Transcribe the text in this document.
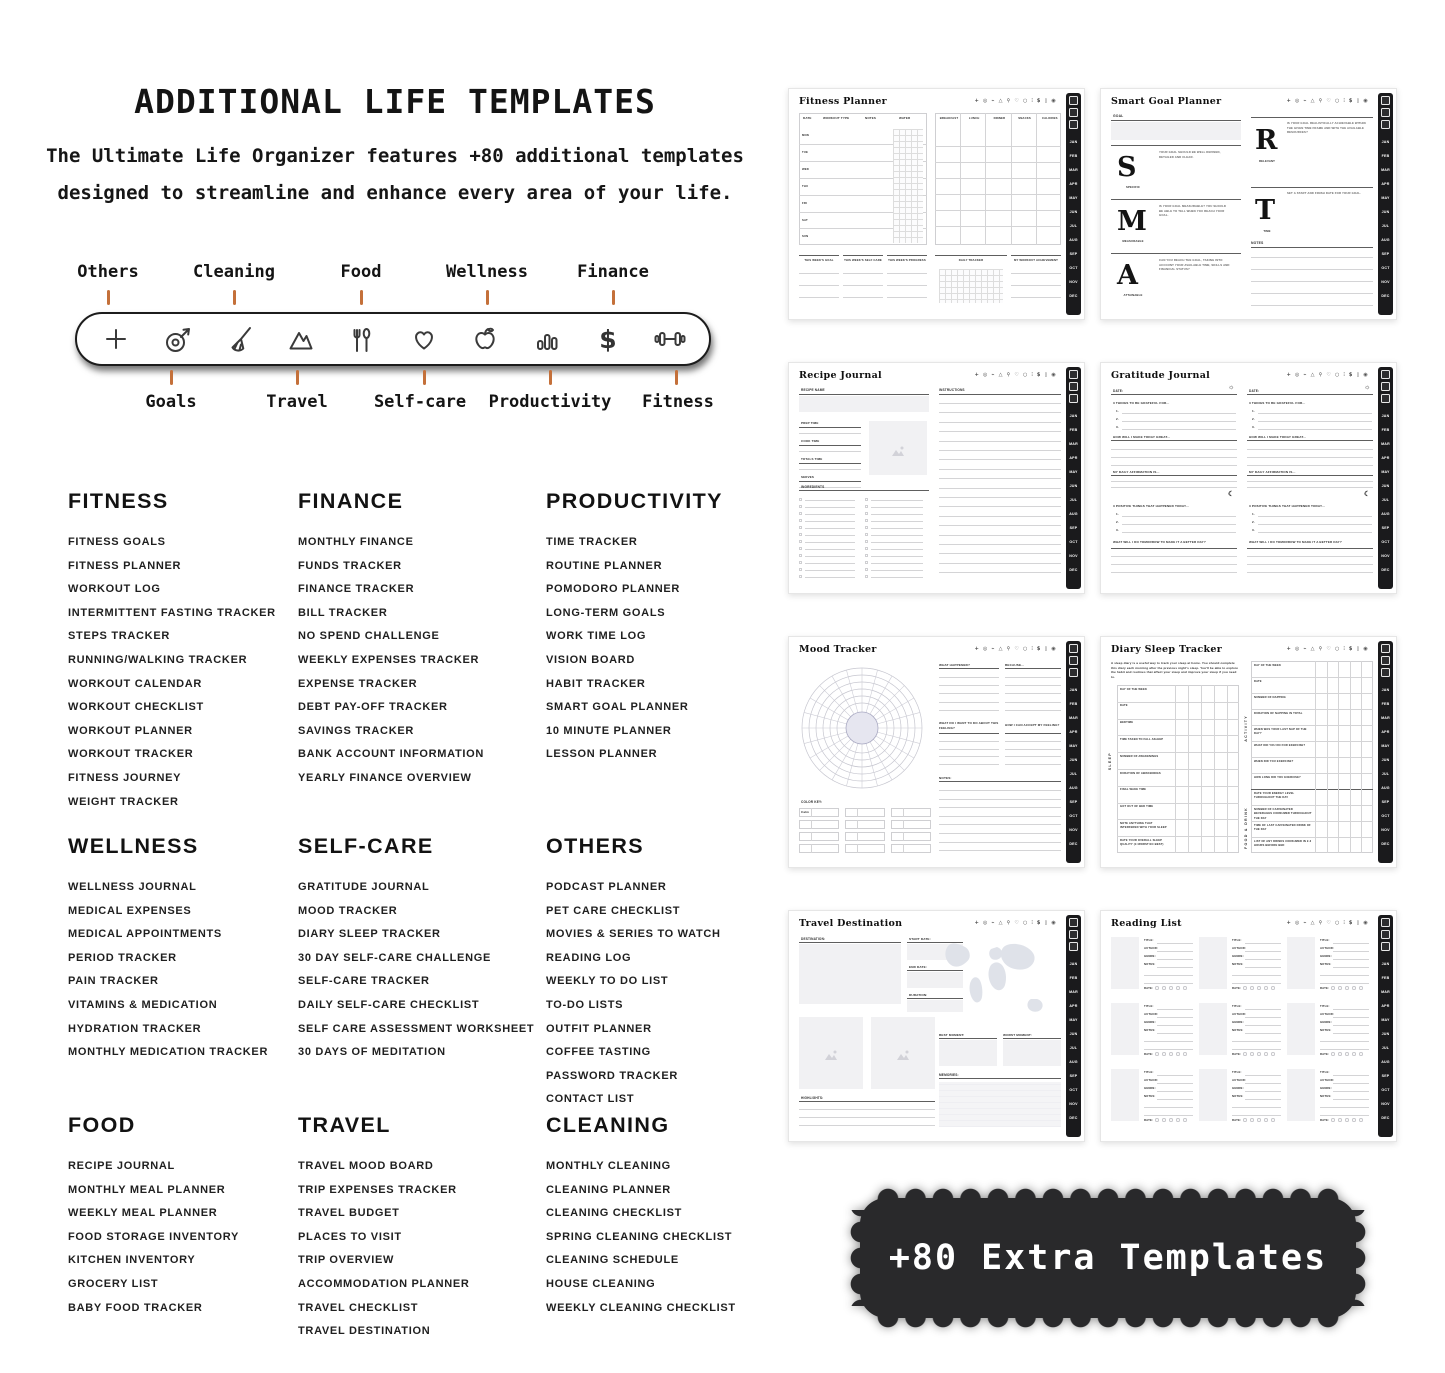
ADDITIONAL LIFE TEMPLATES
The Ultimate Life Organizer features +80 additional templates
designed to streamline and enhance every area of your life.
Others	Cleaning	Food	Wellness	Finance
$
Goals	Travel	Self-care	Productivity	Fitness
FITNESS
FITNESS GOALS
FITNESS PLANNER
WORKOUT LOG
INTERMITTENT FASTING TRACKER
STEPS TRACKER
RUNNING/WALKING TRACKER
WORKOUT CALENDAR
WORKOUT CHECKLIST
WORKOUT PLANNER
WORKOUT TRACKER
FITNESS JOURNEY
WEIGHT TRACKER
FINANCE
MONTHLY FINANCE
FUNDS TRACKER
FINANCE TRACKER
BILL TRACKER
NO SPEND CHALLENGE
WEEKLY EXPENSES TRACKER
EXPENSE TRACKER
DEBT PAY-OFF TRACKER
SAVINGS TRACKER
BANK ACCOUNT INFORMATION
YEARLY FINANCE OVERVIEW
PRODUCTIVITY
TIME TRACKER
ROUTINE PLANNER
POMODORO PLANNER
LONG-TERM GOALS
WORK TIME LOG
VISION BOARD
HABIT TRACKER
SMART GOAL PLANNER
10 MINUTE PLANNER
LESSON PLANNER
WELLNESS
WELLNESS JOURNAL
MEDICAL EXPENSES
MEDICAL APPOINTMENTS
PERIOD TRACKER
PAIN TRACKER
VITAMINS & MEDICATION
HYDRATION TRACKER
MONTHLY MEDICATION TRACKER
SELF-CARE
GRATITUDE JOURNAL
MOOD TRACKER
DIARY SLEEP TRACKER
30 DAY SELF-CARE CHALLENGE
SELF-CARE TRACKER
DAILY SELF-CARE CHECKLIST
SELF CARE ASSESSMENT WORKSHEET
30 DAYS OF MEDITATION
OTHERS
PODCAST PLANNER
PET CARE CHECKLIST
MOVIES & SERIES TO WATCH
READING LOG
WEEKLY TO DO LIST
TO-DO LISTS
OUTFIT PLANNER
COFFEE TASTING
PASSWORD TRACKER
CONTACT LIST
FOOD
RECIPE JOURNAL
MONTHLY MEAL PLANNER
WEEKLY MEAL PLANNER
FOOD STORAGE INVENTORY
KITCHEN INVENTORY
GROCERY LIST
BABY FOOD TRACKER
TRAVEL
TRAVEL MOOD BOARD
TRIP EXPENSES TRACKER
TRAVEL BUDGET
PLACES TO VISIT
TRIP OVERVIEW
ACCOMMODATION PLANNER
TRAVEL CHECKLIST
TRAVEL DESTINATION
CLEANING
MONTHLY CLEANING
CLEANING PLANNER
CLEANING CHECKLIST
SPRING CLEANING CHECKLIST
CLEANING SCHEDULE
HOUSE CLEANING
WEEKLY CLEANING CHECKLIST
DATE	WORKOUT TYPE	NOTES	WATER
MON
TUE
WED
THU
FRI
SAT
SUN
BREAKFAST	LUNCH	DINNER	SNACKS	CALORIES
THIS WEEK'S GOAL	THIS WEEK'S SELF CARE	THIS WEEK'S PROGRESS	DAILY TRACKER	MY WORKOUT ACHIEVEMENT
Fitness Planner	+ ◎ ⌁ △ ⚲ ♡ ○ ⫶ $ ▯ ◉
JAN
FEB
MAR
APR
MAY
JUN
JUL
AUG
SEP
OCT
NOV
DEC
GOAL
S
SPECIFIC
YOUR GOAL SHOULD BE WELL DEFINED, DETAILED AND CLEAR.
M
MEASURABLE
IS YOUR GOAL MEASURABLE? YOU SHOULD BE ABLE TO TELL WHEN YOU REACH YOUR GOAL.
A
ATTAINABLE
CAN YOU REACH THE GOAL, TAKING INTO ACCOUNT YOUR AVAILABLE TIME, SKILLS AND FINANCIAL STATUS?
R
RELEVANT
IS YOUR GOAL REALISTICALLY ACHIEVABLE WITHIN THE GIVEN TIME FRAME AND WITH THE AVAILABLE RESOURCES?
T
TIME
SET A START AND FINISH DATE FOR YOUR GOAL.
NOTES
Smart Goal Planner	+ ◎ ⌁ △ ⚲ ♡ ○ ⫶ $ ▯ ◉
JAN
FEB
MAR
APR
MAY
JUN
JUL
AUG
SEP
OCT
NOV
DEC
RECIPE NAME
PREP TIME
COOK TIME
TOTALS TIME
SERVES
INGREDIENTS
INSTRUCTIONS
Recipe Journal	+ ◎ ⌁ △ ⚲ ♡ ○ ⫶ $ ▯ ◉
JAN
FEB
MAR
APR
MAY
JUN
JUL
AUG
SEP
OCT
NOV
DEC
DATE:	☼
3 THINGS TO BE GRATEFUL FOR...
1.
2.
3.
HOW WILL I MAKE TODAY GREAT...
MY DAILY AFFIRMATION IS...
☾
3 POSITIVE THINGS THAT HAPPENED TODAY...
1.
2.
3.
WHAT WILL I DO TOMORROW TO MAKE IT A BETTER DAY?
DATE:	☼
3 THINGS TO BE GRATEFUL FOR...
1.
2.
3.
HOW WILL I MAKE TODAY GREAT...
MY DAILY AFFIRMATION IS...
☾
3 POSITIVE THINGS THAT HAPPENED TODAY...
1.
2.
3.
WHAT WILL I DO TOMORROW TO MAKE IT A BETTER DAY?
Gratitude Journal	+ ◎ ⌁ △ ⚲ ♡ ○ ⫶ $ ▯ ◉
JAN
FEB
MAR
APR
MAY
JUN
JUL
AUG
SEP
OCT
NOV
DEC
COLOR KEY:
Calm
WHAT HAPPENED?	BECAUSE...
WHAT DO I WANT TO DO ABOUT THIS FEELING?
HOW I CAN ACCEPT MY FEELING?
NOTES:
Mood Tracker	+ ◎ ⌁ △ ⚲ ♡ ○ ⫶ $ ▯ ◉
JAN
FEB
MAR
APR
MAY
JUN
JUL
AUG
SEP
OCT
NOV
DEC
A sleep diary is a useful way to track your sleep at home. You should complete this diary each morning after the previous night's sleep. You'll be able to explore the habit and routines that affect your sleep and improve your sleep if you need to.
SLEEP
DAY OF THE WEEK
DATE
BEDTIME
TIME TAKEN TO FALL ASLEEP
NUMBER OF AWAKENINGS
DURATION OF AWAKENINGS
FINAL WAKE TIME
GOT OUT OF BED TIME
NOTE ANYTHING THAT INTERFERED WITH YOUR SLEEP
RATE YOUR OVERALL SLEEP QUALITY (1=WORST/10=BEST)
ACTIVITY
FOOD & DRINK
DAY OF THE WEEK
DATE
NUMBER OF NAPPING
DURATION OF NAPPING IN TOTAL
WHEN WAS YOUR LAST NAP OF THE DAY?
WHAT DID YOU DO FOR EXERCISE?
WHEN DID YOU EXERCISE?
HOW LONG DID YOU EXERCISE?
RATE YOUR ENERGY LEVEL THROUGHOUT THE DAY
NUMBER OF CAFFEINATED BEVERAGES CONSUMED THROUGHOUT THE DAY
TIME OF LAST CAFFEINATED DRINK OF THE DAY
LIST OF ANY DRINKS CONSUMED IN 2-3 HOURS BEFORE BED
Diary Sleep Tracker	+ ◎ ⌁ △ ⚲ ♡ ○ ⫶ $ ▯ ◉
JAN
FEB
MAR
APR
MAY
JUN
JUL
AUG
SEP
OCT
NOV
DEC
DESTINATION:	START DATE:
END DATE:
DURATION:
HIGHLIGHTS:
BEST MOMENT:	WORST MOMENT:
MEMORIES:
Travel Destination	+ ◎ ⌁ △ ⚲ ♡ ○ ⫶ $ ▯ ◉
JAN
FEB
MAR
APR
MAY
JUN
JUL
AUG
SEP
OCT
NOV
DEC
TITLE:
AUTHOR:
GENRE:
NOTES:
RATE:
TITLE:
AUTHOR:
GENRE:
NOTES:
RATE:
TITLE:
AUTHOR:
GENRE:
NOTES:
RATE:
TITLE:
AUTHOR:
GENRE:
NOTES:
RATE:
TITLE:
AUTHOR:
GENRE:
NOTES:
RATE:
TITLE:
AUTHOR:
GENRE:
NOTES:
RATE:
TITLE:
AUTHOR:
GENRE:
NOTES:
RATE:
TITLE:
AUTHOR:
GENRE:
NOTES:
RATE:
TITLE:
AUTHOR:
GENRE:
NOTES:
RATE:
Reading List	+ ◎ ⌁ △ ⚲ ♡ ○ ⫶ $ ▯ ◉
JAN
FEB
MAR
APR
MAY
JUN
JUL
AUG
SEP
OCT
NOV
DEC
+80 Extra Templates
